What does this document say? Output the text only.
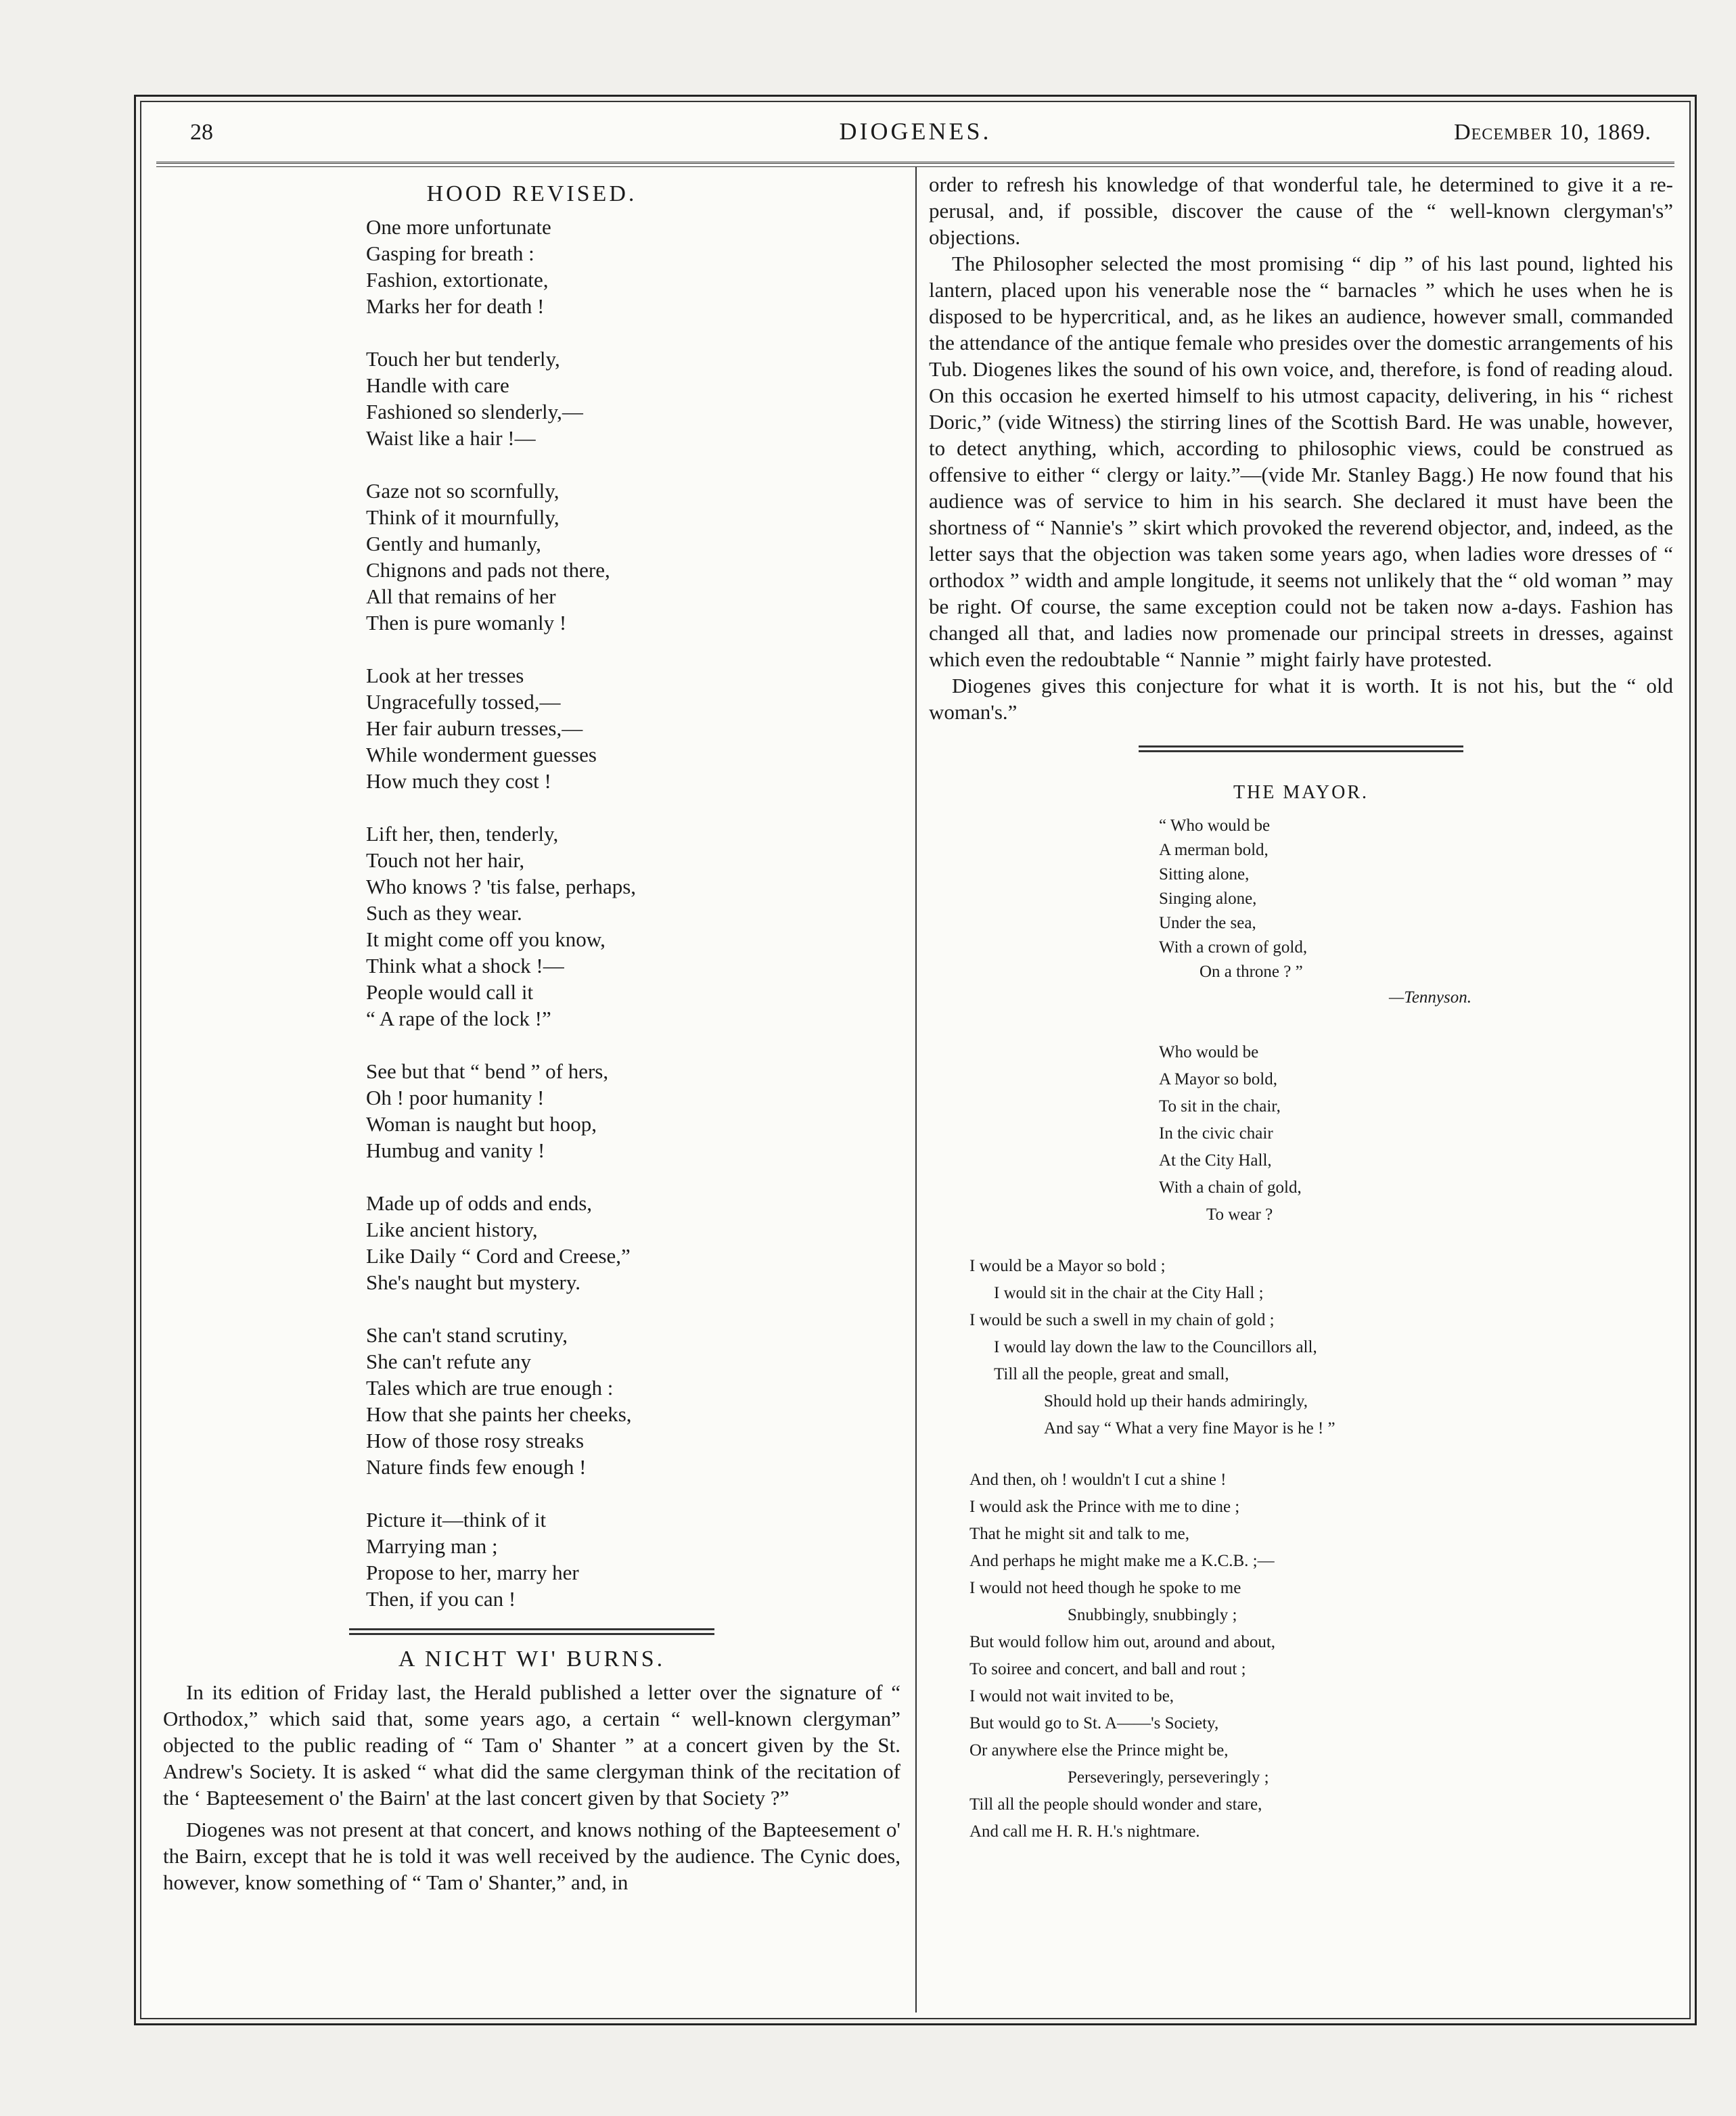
28	DIOGENES.	December 10, 1869.
HOOD REVISED.

One more unfortunate
Gasping for breath :
Fashion, extortionate,
Marks her for death !

Touch her but tenderly,
Handle with care
Fashioned so slenderly,—
Waist like a hair !—

Gaze not so scornfully,
Think of it mournfully,
Gently and humanly,
Chignons and pads not there,
All that remains of her
Then is pure womanly !

Look at her tresses
Ungracefully tossed,—
Her fair auburn tresses,—
While wonderment guesses
How much they cost !

Lift her, then, tenderly,
Touch not her hair,
Who knows ? 'tis false, perhaps,
Such as they wear.
It might come off you know,
Think what a shock !—
People would call it
“ A rape of the lock !”

See but that “ bend ” of hers,
Oh ! poor humanity !
Woman is naught but hoop,
Humbug and vanity !

Made up of odds and ends,
Like ancient history,
Like Daily “ Cord and Creese,”
She's naught but mystery.

She can't stand scrutiny,
She can't refute any
Tales which are true enough :
How that she paints her cheeks,
How of those rosy streaks
Nature finds few enough !

Picture it—think of it
Marrying man ;
Propose to her, marry her
Then, if you can !

A NICHT WI' BURNS.

In its edition of Friday last, the Herald published a letter over the signature of “ Orthodox,” which said that, some years ago, a certain “ well-known clergyman” objected to the public reading of “ Tam o' Shanter ” at a concert given by the St. Andrew's Society. It is asked “ what did the same clergyman think of the recitation of the ‘ Bapteesement o' the Bairn' at the last concert given by that Society ?”

Diogenes was not present at that concert, and knows nothing of the Bapteesement o' the Bairn, except that he is told it was well received by the audience. The Cynic does, however, know something of “ Tam o' Shanter,” and, in

order to refresh his knowledge of that wonderful tale, he determined to give it a re-perusal, and, if possible, discover the cause of the “ well-known clergyman's” objections.

The Philosopher selected the most promising “ dip ” of his last pound, lighted his lantern, placed upon his venerable nose the “ barnacles ” which he uses when he is disposed to be hypercritical, and, as he likes an audience, however small, commanded the attendance of the antique female who presides over the domestic arrangements of his Tub. Diogenes likes the sound of his own voice, and, therefore, is fond of reading aloud. On this occasion he exerted himself to his utmost capacity, delivering, in his “ richest Doric,” (vide Witness) the stirring lines of the Scottish Bard. He was unable, however, to detect anything, which, according to philosophic views, could be construed as offensive to either “ clergy or laity.”—(vide Mr. Stanley Bagg.) He now found that his audience was of service to him in his search. She declared it must have been the shortness of “ Nannie's ” skirt which provoked the reverend objector, and, indeed, as the letter says that the objection was taken some years ago, when ladies wore dresses of “ orthodox ” width and ample longitude, it seems not unlikely that the “ old woman ” may be right. Of course, the same exception could not be taken now a-days. Fashion has changed all that, and ladies now promenade our principal streets in dresses, against which even the redoubtable “ Nannie ” might fairly have protested.

Diogenes gives this conjecture for what it is worth. It is not his, but the “ old woman's.”

THE MAYOR.
“ Who would be
A merman bold,
Sitting alone,
Singing alone,
Under the sea,
With a crown of gold,
On a throne ? ”
—Tennyson.
Who would be
A Mayor so bold,
To sit in the chair,
In the civic chair
At the City Hall,
With a chain of gold,
To wear ?
I would be a Mayor so bold ;
I would sit in the chair at the City Hall ;
I would be such a swell in my chain of gold ;
I would lay down the law to the Councillors all,
Till all the people, great and small,
Should hold up their hands admiringly,
And say “ What a very fine Mayor is he ! ”
And then, oh ! wouldn't I cut a shine !
I would ask the Prince with me to dine ;
That he might sit and talk to me,
And perhaps he might make me a K.C.B. ;—
I would not heed though he spoke to me
Snubbingly, snubbingly ;
But would follow him out, around and about,
To soiree and concert, and ball and rout ;
I would not wait invited to be,
But would go to St. A——'s Society,
Or anywhere else the Prince might be,
Perseveringly, perseveringly ;
Till all the people should wonder and stare,
And call me H. R. H.'s nightmare.
